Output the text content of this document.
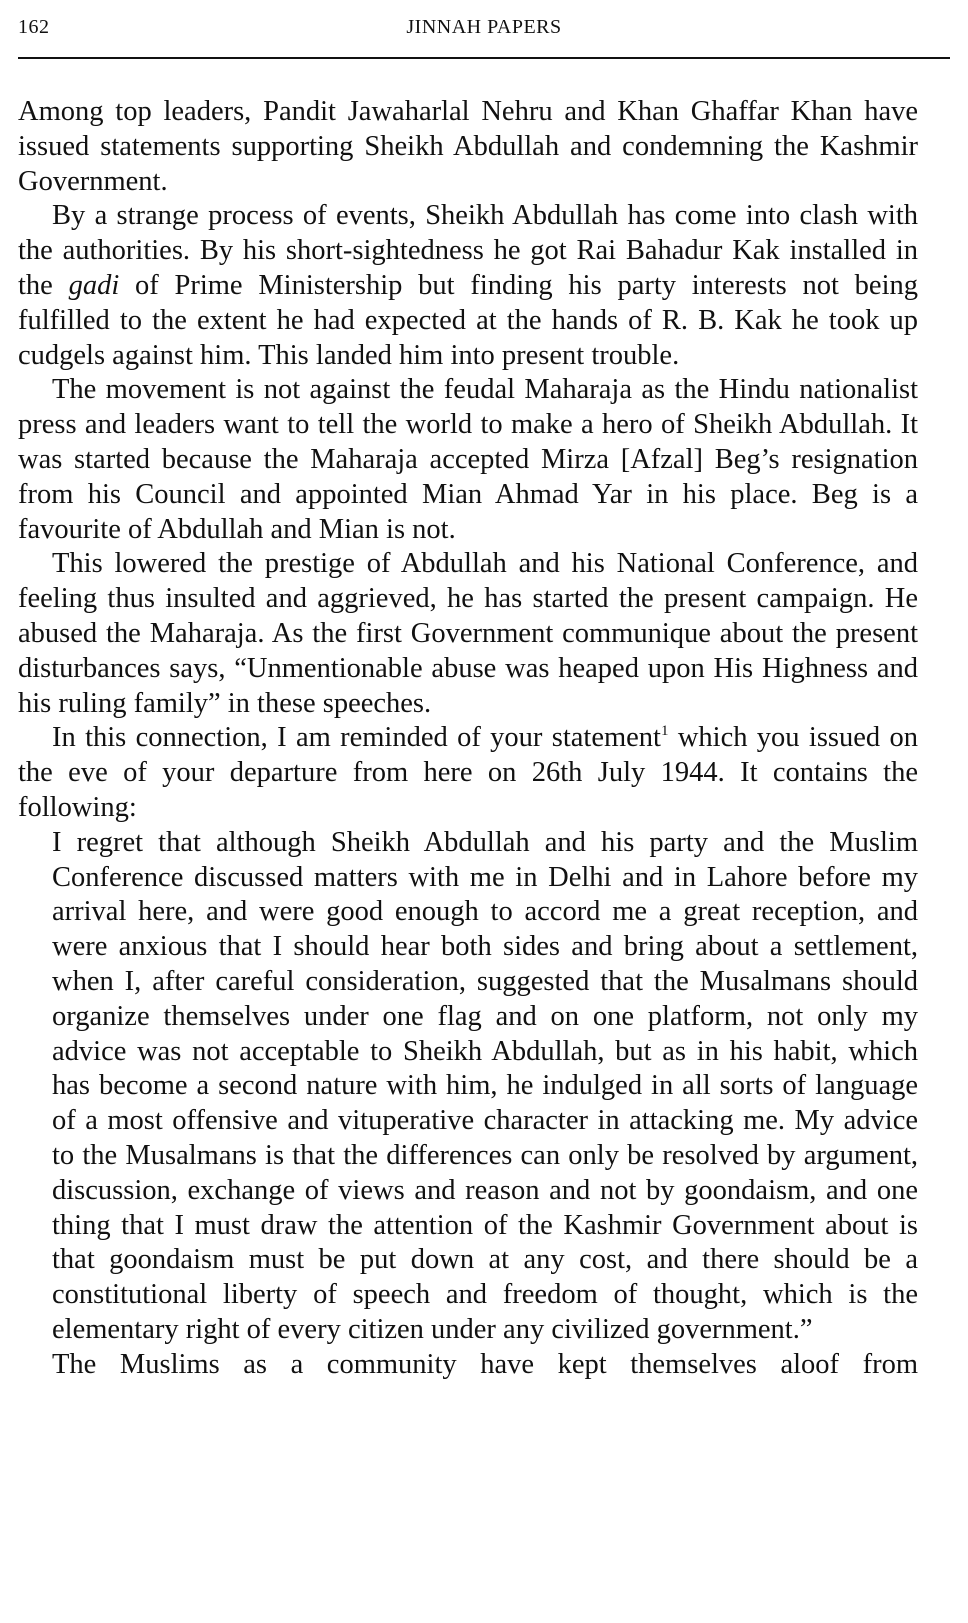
162	JINNAH PAPERS

Among top leaders, Pandit Jawaharlal Nehru and Khan Ghaffar Khan have issued statements supporting Sheikh Abdullah and condemning the Kashmir Government.

By a strange process of events, Sheikh Abdullah has come into clash with the authorities. By his short-sightedness he got Rai Bahadur Kak installed in the gadi of Prime Ministership but finding his party interests not being fulfilled to the extent he had expected at the hands of R. B. Kak he took up cudgels against him. This landed him into present trouble.

The movement is not against the feudal Maharaja as the Hindu nationalist press and leaders want to tell the world to make a hero of Sheikh Abdullah. It was started because the Maharaja accepted Mirza [Afzal] Beg’s resignation from his Council and appointed Mian Ahmad Yar in his place. Beg is a favourite of Abdullah and Mian is not.

This lowered the prestige of Abdullah and his National Conference, and feeling thus insulted and aggrieved, he has started the present campaign. He abused the Maharaja. As the first Government communique about the present disturbances says, “Unmentionable abuse was heaped upon His Highness and his ruling family” in these speeches.

In this connection, I am reminded of your statement$^1$ which you issued on the eve of your departure from here on 26th July 1944. It contains the following:

I regret that although Sheikh Abdullah and his party and the Muslim Conference discussed matters with me in Delhi and in Lahore before my arrival here, and were good enough to accord me a great reception, and were anxious that I should hear both sides and bring about a settlement, when I, after careful consideration, suggested that the Musalmans should organize themselves under one flag and on one platform, not only my advice was not acceptable to Sheikh Abdullah, but as in his habit, which has become a second nature with him, he indulged in all sorts of language of a most offensive and vituperative character in attacking me. My advice to the Musalmans is that the differences can only be resolved by argument, discussion, exchange of views and reason and not by goondaism, and one thing that I must draw the attention of the Kashmir Government about is that goondaism must be put down at any cost, and there should be a constitutional liberty of speech and freedom of thought, which is the elementary right of every citizen under any civilized government.”

The Muslims as a community have kept themselves aloof from
